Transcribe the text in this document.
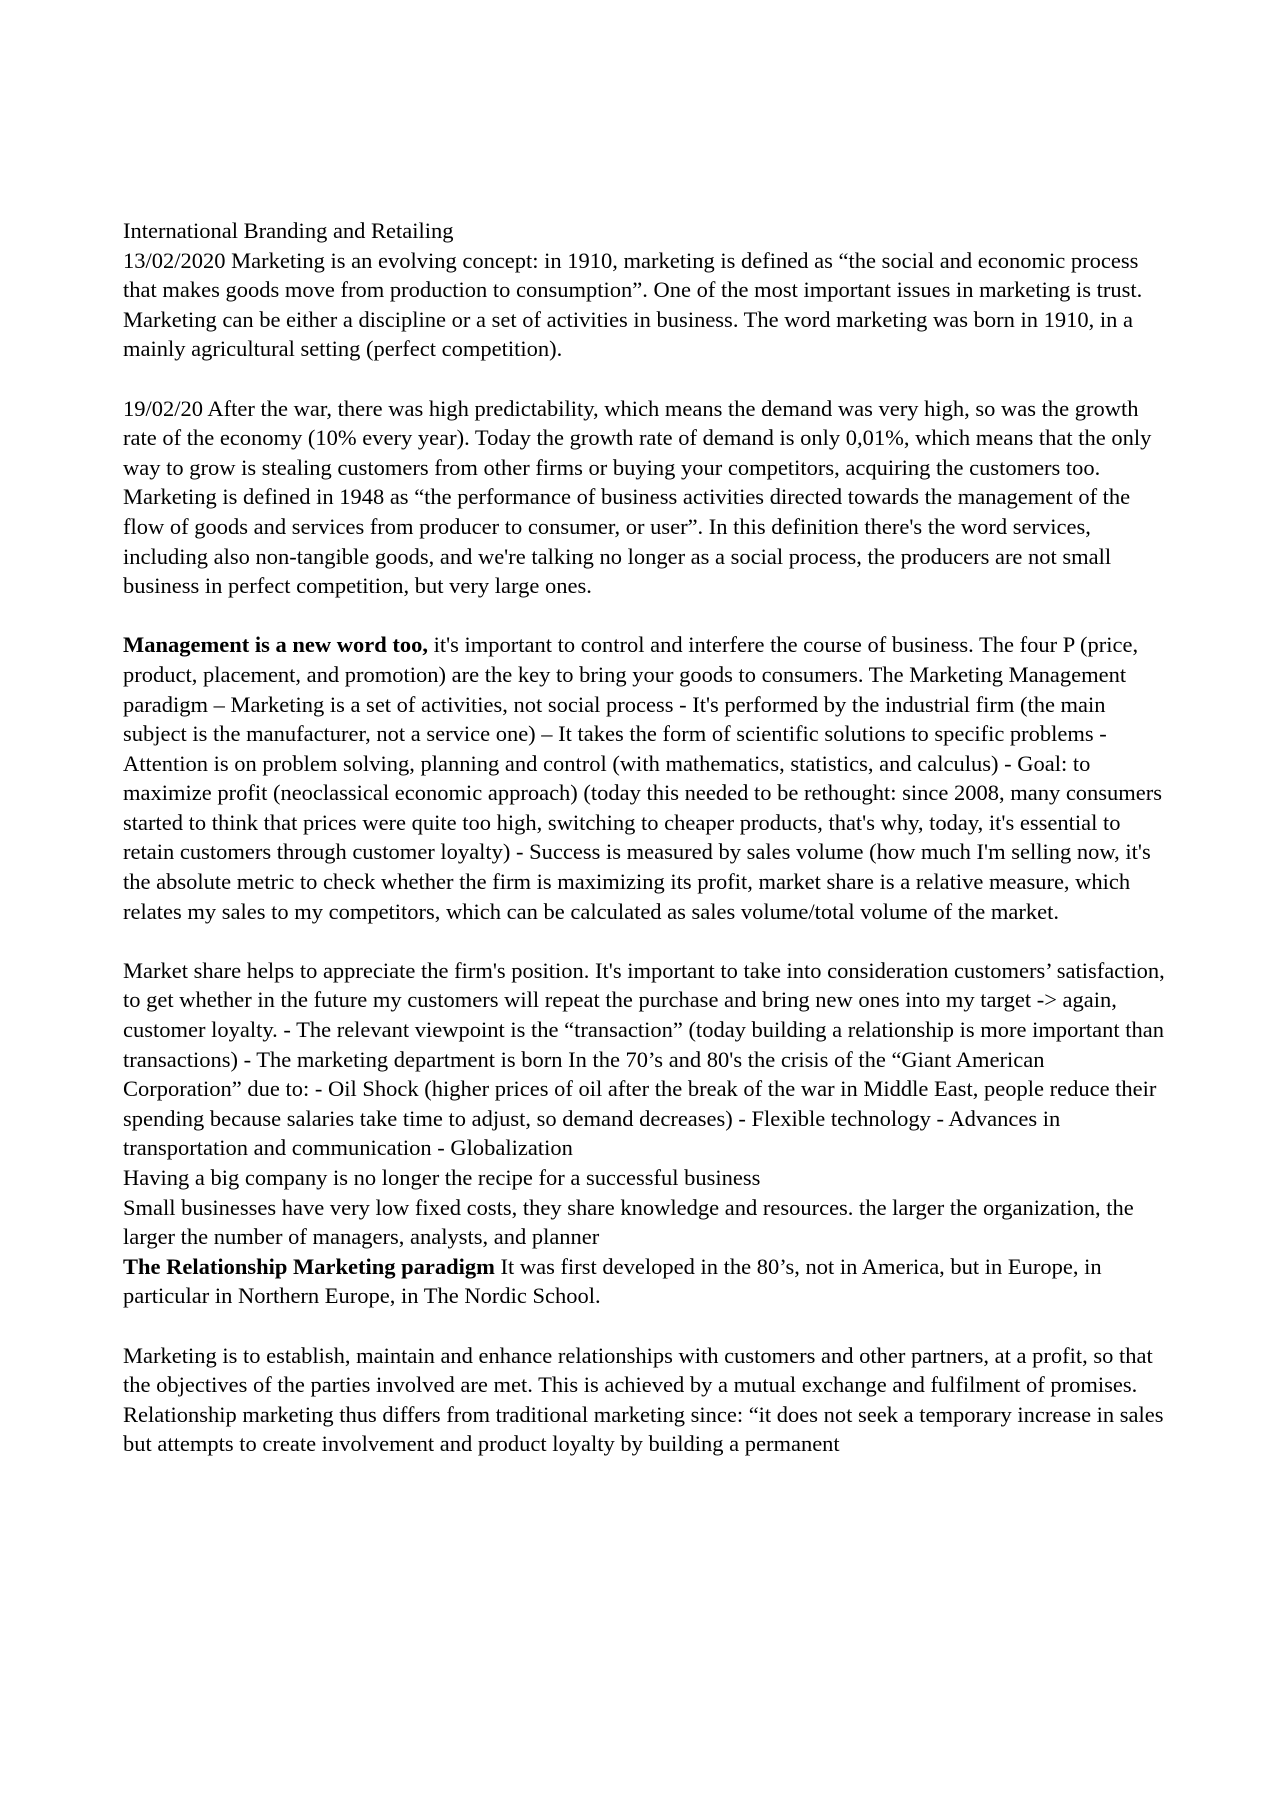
International Branding and Retailing

13/02/2020 Marketing is an evolving concept: in 1910, marketing is defined as “the social and economic process that makes goods move from production to consumption”. One of the most important issues in marketing is trust. Marketing can be either a discipline or a set of activities in business. The word marketing was born in 1910, in a mainly agricultural setting (perfect competition).

19/02/20 After the war, there was high predictability, which means the demand was very high, so was the growth rate of the economy (10% every year). Today the growth rate of demand is only 0,01%, which means that the only way to grow is stealing customers from other firms or buying your competitors, acquiring the customers too. Marketing is defined in 1948 as “the performance of business activities directed towards the management of the flow of goods and services from producer to consumer, or user”. In this definition there's the word services, including also non-tangible goods, and we're talking no longer as a social process, the producers are not small business in perfect competition, but very large ones.

Management is a new word too, it's important to control and interfere the course of business. The four P (price, product, placement, and promotion) are the key to bring your goods to consumers. The Marketing Management paradigm – Marketing is a set of activities, not social process - It's performed by the industrial firm (the main subject is the manufacturer, not a service one) – It takes the form of scientific solutions to specific problems - Attention is on problem solving, planning and control (with mathematics, statistics, and calculus) - Goal: to maximize profit (neoclassical economic approach) (today this needed to be rethought: since 2008, many consumers started to think that prices were quite too high, switching to cheaper products, that's why, today, it's essential to retain customers through customer loyalty) - Success is measured by sales volume (how much I'm selling now, it's the absolute metric to check whether the firm is maximizing its profit, market share is a relative measure, which relates my sales to my competitors, which can be calculated as sales volume/total volume of the market.

Market share helps to appreciate the firm's position. It's important to take into consideration customers’ satisfaction, to get whether in the future my customers will repeat the purchase and bring new ones into my target -> again, customer loyalty. - The relevant viewpoint is the “transaction” (today building a relationship is more important than transactions) - The marketing department is born In the 70’s and 80's the crisis of the “Giant American Corporation” due to: - Oil Shock (higher prices of oil after the break of the war in Middle East, people reduce their spending because salaries take time to adjust, so demand decreases) - Flexible technology - Advances in transportation and communication - Globalization

Having a big company is no longer the recipe for a successful business

Small businesses have very low fixed costs, they share knowledge and resources. the larger the organization, the larger the number of managers, analysts, and planner

The Relationship Marketing paradigm It was first developed in the 80’s, not in America, but in Europe, in particular in Northern Europe, in The Nordic School.

Marketing is to establish, maintain and enhance relationships with customers and other partners, at a profit, so that the objectives of the parties involved are met. This is achieved by a mutual exchange and fulfilment of promises.

Relationship marketing thus differs from traditional marketing since: “it does not seek a temporary increase in sales but attempts to create involvement and product loyalty by building a permanent
